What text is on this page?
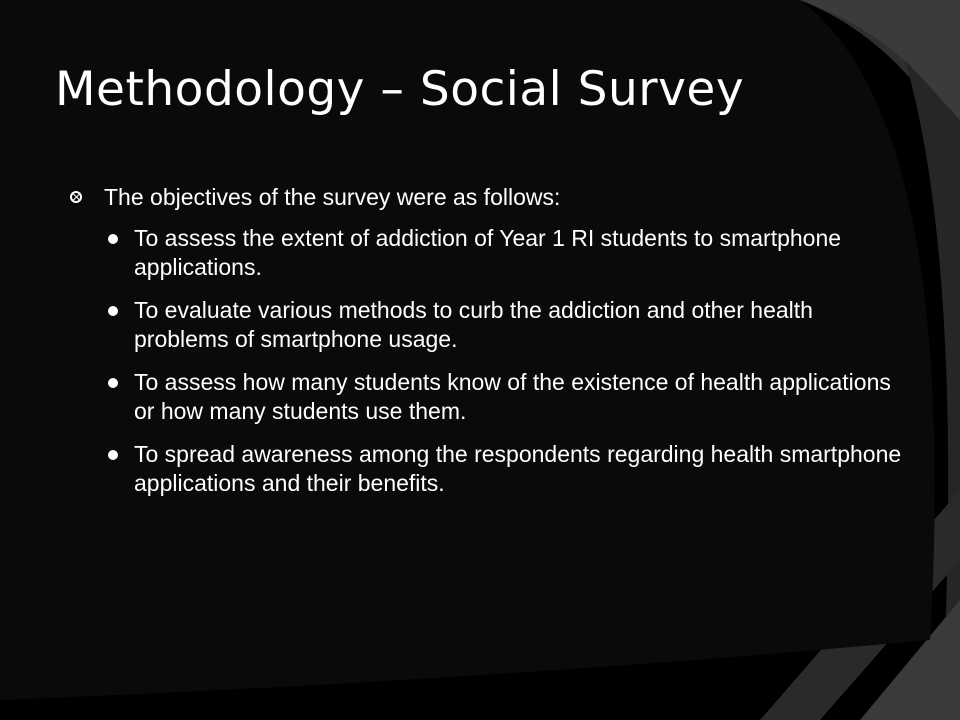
Methodology – Social Survey
The objectives of the survey were as follows:
To assess the extent of addiction of Year 1 RI students to smartphone applications.
To evaluate various methods to curb the addiction and other health problems of smartphone usage.
To assess how many students know of the existence of health applications or how many students use them.
To spread awareness among the respondents regarding health smartphone applications and their benefits.
